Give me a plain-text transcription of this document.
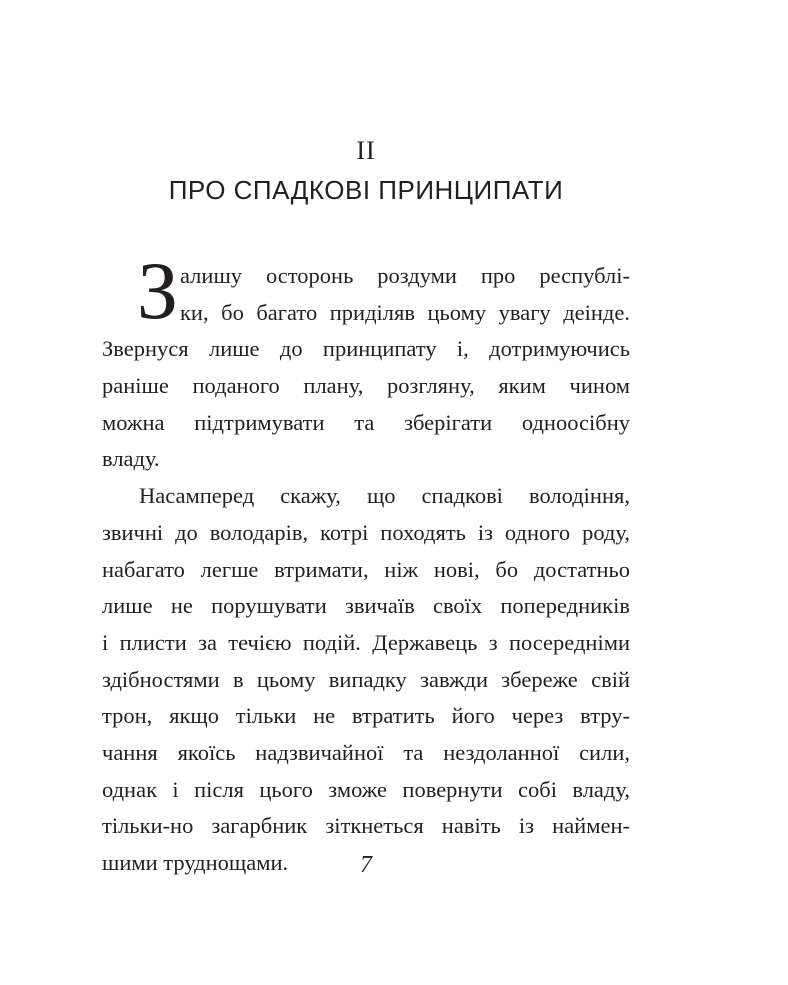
II
ПРО СПАДКОВІ ПРИНЦИПАТИ
З алишу осторонь роздуми про республі-
ки, бо багато приділяв цьому увагу деінде.
Звернуся лише до принципату і, дотримуючись
раніше поданого плану, розгляну, яким чином
можна підтримувати та зберігати одноосібну
владу.
Насамперед скажу, що спадкові володіння,
звичні до володарів, котрі походять із одного роду,
набагато легше втримати, ніж нові, бо достатньо
лише не порушувати звичаїв своїх попередників
і плисти за течією подій. Державець з посередніми
здібностями в цьому випадку завжди збереже свій
трон, якщо тільки не втратить його через втру-
чання якоїсь надзвичайної та нездоланної сили,
однак і після цього зможе повернути собі владу,
тільки-но загарбник зіткнеться навіть із наймен-
шими труднощами.	7
